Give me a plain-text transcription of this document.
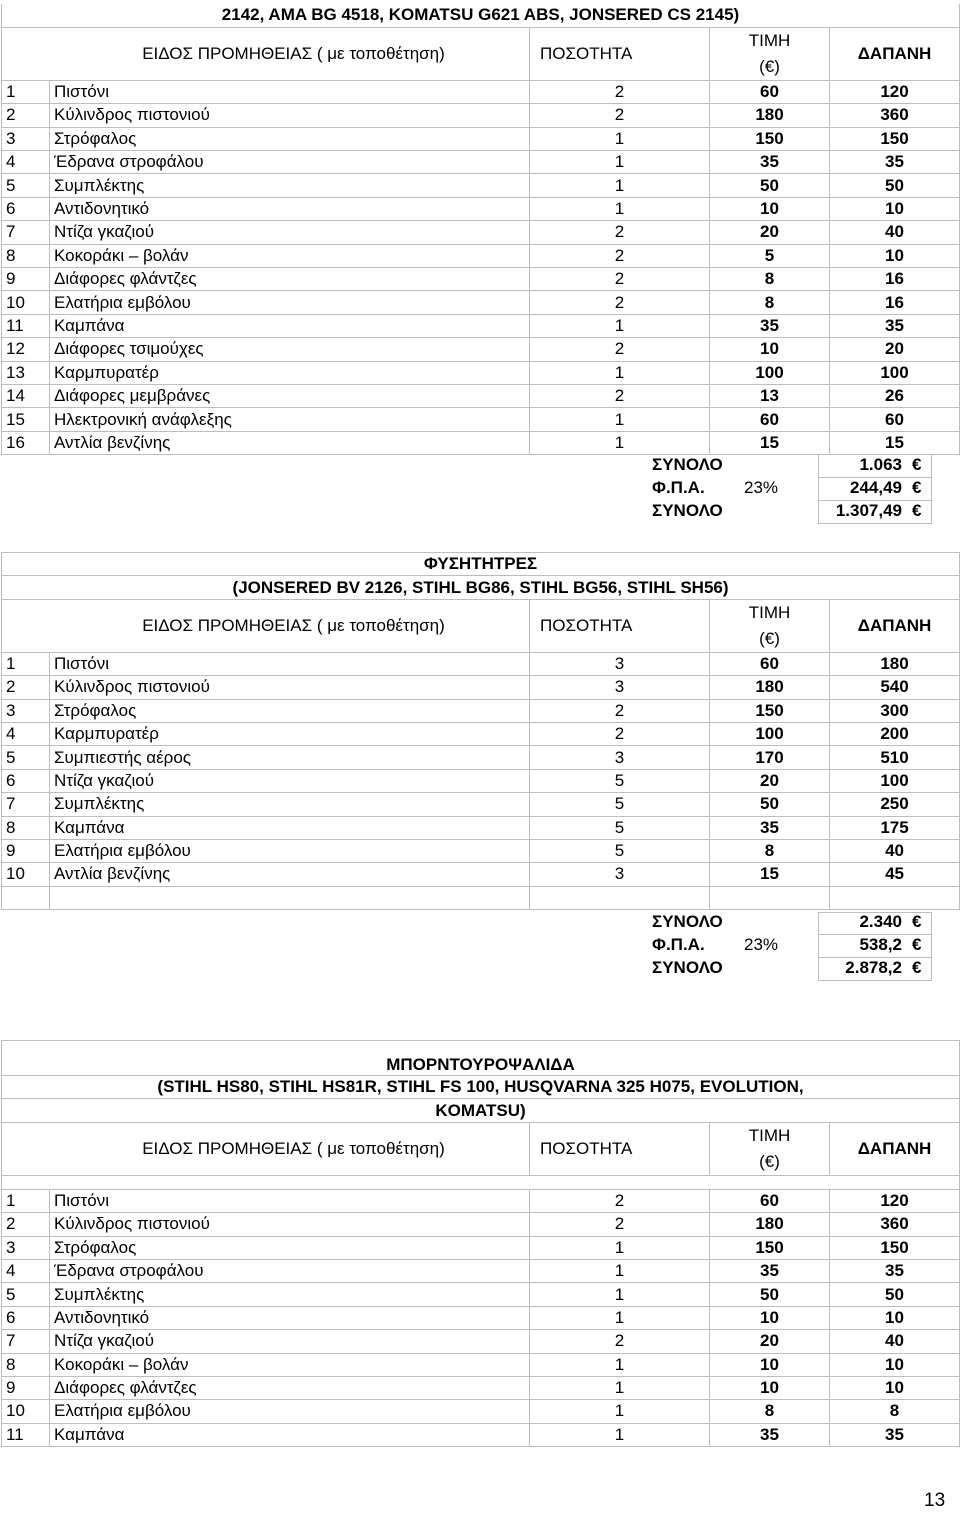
2142, AMA BG 4518, KOMATSU G621 ABS, JONSERED CS 2145)				
ΕΙΔΟΣ ΠΡΟΜΗΘΕΙΑΣ ( με τοποθέτηση)		ΠΟΣΟΤΗΤΑ	ΤΙΜΗ
(€)	ΔΑΠΑΝΗ
1	Πιστόνι	2	60	120
2	Κύλινδρος πιστονιού	2	180	360
3	Στρόφαλος	1	150	150
4	Έδρανα στροφάλου	1	35	35
5	Συμπλέκτης	1	50	50
6	Αντιδονητικό	1	10	10
7	Ντίζα γκαζιού	2	20	40
8	Κοκοράκι – βολάν	2	5	10
9	Διάφορες φλάντζες	2	8	16
10	Ελατήρια εμβόλου	2	8	16
11	Καμπάνα	1	35	35
12	Διάφορες τσιμούχες	2	10	20
13	Καρμπυρατέρ	1	100	100
14	Διάφορες μεμβράνες	2	13	26
15	Ηλεκτρονική ανάφλεξης	1	60	60
16	Αντλία βενζίνης	1	15	15
ΣΥΝΟΛΟ	1.063 €
Φ.Π.Α. 23%	244,49 €
ΣΥΝΟΛΟ	1.307,49 €
ΦΥΣΗΤΗΤΡΕΣ				
(JONSERED BV 2126, STIHL BG86, STIHL BG56, STIHL SH56)				
ΕΙΔΟΣ ΠΡΟΜΗΘΕΙΑΣ ( με τοποθέτηση)		ΠΟΣΟΤΗΤΑ	ΤΙΜΗ
(€)	ΔΑΠΑΝΗ
1	Πιστόνι	3	60	180
2	Κύλινδρος πιστονιού	3	180	540
3	Στρόφαλος	2	150	300
4	Καρμπυρατέρ	2	100	200
5	Συμπιεστής αέρος	3	170	510
6	Ντίζα γκαζιού	5	20	100
7	Συμπλέκτης	5	50	250
8	Καμπάνα	5	35	175
9	Ελατήρια εμβόλου	5	8	40
10	Αντλία βενζίνης	3	15	45

ΣΥΝΟΛΟ	2.340 €
Φ.Π.Α. 23%	538,2 €
ΣΥΝΟΛΟ	2.878,2 €
ΜΠΟΡΝΤΟΥΡΟΨΑΛΙΔΑ				
(STIHL HS80, STIHL HS81R, STIHL FS 100, HUSQVARNA 325 H075, EVOLUTION,				
KOMATSU)				
ΕΙΔΟΣ ΠΡΟΜΗΘΕΙΑΣ ( με τοποθέτηση)		ΠΟΣΟΤΗΤΑ	ΤΙΜΗ
(€)	ΔΑΠΑΝΗ

1	Πιστόνι	2	60	120
2	Κύλινδρος πιστονιού	2	180	360
3	Στρόφαλος	1	150	150
4	Έδρανα στροφάλου	1	35	35
5	Συμπλέκτης	1	50	50
6	Αντιδονητικό	1	10	10
7	Ντίζα γκαζιού	2	20	40
8	Κοκοράκι – βολάν	1	10	10
9	Διάφορες φλάντζες	1	10	10
10	Ελατήρια εμβόλου	1	8	8
11	Καμπάνα	1	35	35
13
